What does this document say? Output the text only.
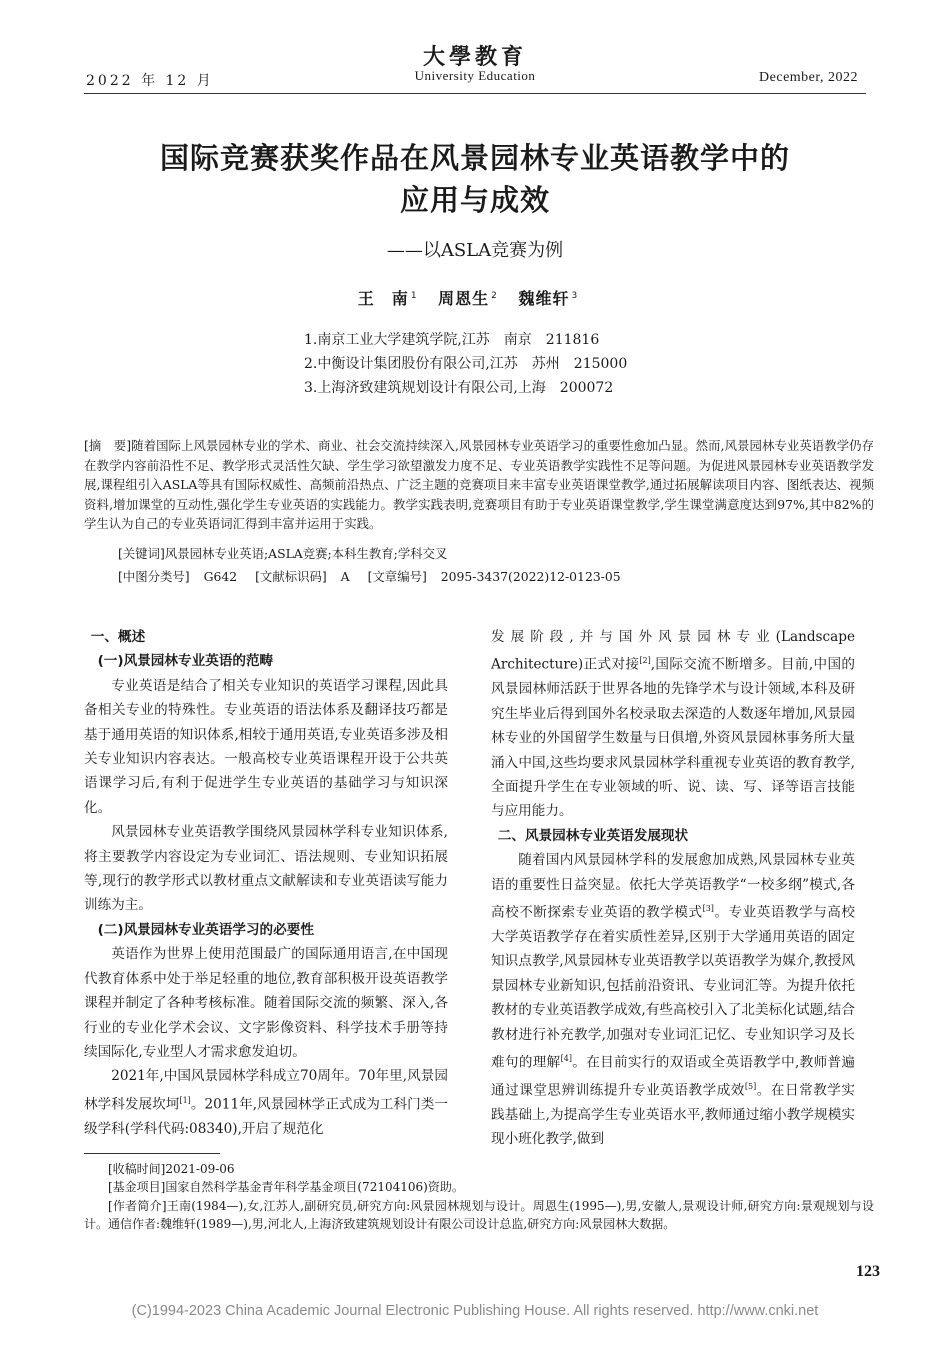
大學教育
University Education
2022 年 12 月	December, 2022
国际竞赛获奖作品在风景园林专业英语教学中的
应用与成效
——以ASLA竞赛为例
王　南 $^1$ 周恩生 $^2$ 魏维轩 $^3$
1.南京工业大学建筑学院,江苏　南京　211816
2.中衡设计集团股份有限公司,江苏　苏州　215000
3.上海济致建筑规划设计有限公司,上海　200072
[摘　要]随着国际上风景园林专业的学术、商业、社会交流持续深入,风景园林专业英语学习的重要性愈加凸显。然而,风景园林专业英语教学仍存在教学内容前沿性不足、教学形式灵活性欠缺、学生学习欲望激发力度不足、专业英语教学实践性不足等问题。为促进风景园林专业英语教学发展,课程组引入ASLA等具有国际权威性、高频前沿热点、广泛主题的竞赛项目来丰富专业英语课堂教学,通过拓展解读项目内容、图纸表达、视频资料,增加课堂的互动性,强化学生专业英语的实践能力。教学实践表明,竞赛项目有助于专业英语课堂教学,学生课堂满意度达到97%,其中82%的学生认为自己的专业英语词汇得到丰富并运用于实践。
[关键词]风景园林专业英语;ASLA竞赛;本科生教育;学科交叉
[中图分类号] G642 [文献标识码] A [文章编号] 2095-3437(2022)12-0123-05
一、概述
(一)风景园林专业英语的范畴

专业英语是结合了相关专业知识的英语学习课程,因此具备相关专业的特殊性。专业英语的语法体系及翻译技巧都是基于通用英语的知识体系,相较于通用英语,专业英语多涉及相关专业知识内容表达。一般高校专业英语课程开设于公共英语课学习后,有利于促进学生专业英语的基础学习与知识深化。

风景园林专业英语教学围绕风景园林学科专业知识体系,将主要教学内容设定为专业词汇、语法规则、专业知识拓展等,现行的教学形式以教材重点文献解读和专业英语读写能力训练为主。

(二)风景园林专业英语学习的必要性

英语作为世界上使用范围最广的国际通用语言,在中国现代教育体系中处于举足轻重的地位,教育部积极开设英语教学课程并制定了各种考核标准。随着国际交流的频繁、深入,各行业的专业化学术会议、文字影像资料、科学技术手册等持续国际化,专业型人才需求愈发迫切。

2021年,中国风景园林学科成立70周年。70年里,风景园林学科发展坎坷[1]。2011年,风景园林学正式成为工科门类一级学科(学科代码:08340),开启了规范化

发展阶段,并与国外风景园林专业(Landscape Architecture)正式对接[2],国际交流不断增多。目前,中国的风景园林师活跃于世界各地的先锋学术与设计领域,本科及研究生毕业后得到国外名校录取去深造的人数逐年增加,风景园林专业的外国留学生数量与日俱增,外资风景园林事务所大量涌入中国,这些均要求风景园林学科重视专业英语的教育教学,全面提升学生在专业领域的听、说、读、写、译等语言技能与应用能力。

二、风景园林专业英语发展现状

随着国内风景园林学科的发展愈加成熟,风景园林专业英语的重要性日益突显。依托大学英语教学“一校多纲”模式,各高校不断探索专业英语的教学模式[3]。专业英语教学与高校大学英语教学存在着实质性差异,区别于大学通用英语的固定知识点教学,风景园林专业英语教学以英语教学为媒介,教授风景园林专业新知识,包括前沿资讯、专业词汇等。为提升依托教材的专业英语教学成效,有些高校引入了北美标化试题,结合教材进行补充教学,加强对专业词汇记忆、专业知识学习及长难句的理解[4]。在目前实行的双语或全英语教学中,教师普遍通过课堂思辨训练提升专业英语教学成效[5]。在日常教学实践基础上,为提高学生专业英语水平,教师通过缩小教学规模实现小班化教学,做到

[收稿时间]2021-09-06
[基金项目]国家自然科学基金青年科学基金项目(72104106)资助。
[作者简介]王南(1984—),女,江苏人,副研究员,研究方向:风景园林规划与设计。周恩生(1995—),男,安徽人,景观设计师,研究方向:景观规划与设计。通信作者:魏维轩(1989—),男,河北人,上海济致建筑规划设计有限公司设计总监,研究方向:风景园林大数据。
123
(C)1994-2023 China Academic Journal Electronic Publishing House. All rights reserved. http://www.cnki.net
